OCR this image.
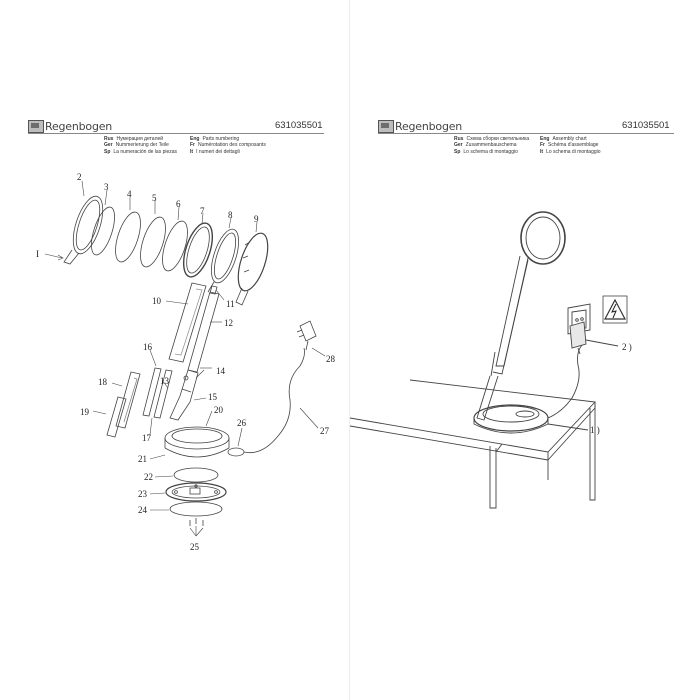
Regenbogen	631035501
Rus Нумерация деталей
Ger Nummerierung der Teile
Sp La numeración de las piezas
Eng Parts numbering
Fr Numérotation des composants
It I numeri dei dettagli
I
2
3
4 5
6
7	8 9
10	11
12
13
14
15
16
17
18
19	20
21
22
23
24
25
26
27
28
Regenbogen	631035501
Rus Схема сборки светильника
Ger Zusammenbauschema
Sp Lo schema di montaggio
Eng Assembly chart
Fr Schéma d'assemblage
It Lo schema di montaggio
2 )
1 )
